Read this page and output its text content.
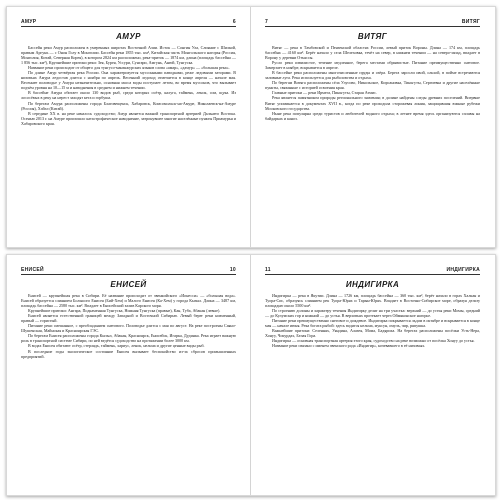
АМУР	6
АМУР

Бассейн реки Амур расположен в умеренных широтах Восточной Азии. Исток — Сонгин Ула, Слияние с Шилкой, правым Аргунь — с Онон Голу в Монголии. Бассейн реки 1855 тыс. км², Китайская часть Монгольского нагорья (Россия, Монголия, Китай, Северная Корея), в котором 2824 км расположено, река-приток — 1874 км, длина (площадь бассейна — 1 856 тыс. км²), Крупнейшие притоки реки: Зея, Бурея, Уссури, Сунгари, Амгунь, Анюй, Тунгуска.

Название реки происходит от общего для тунгусо-маньчжурских языков слова «амар», «дамур» — «большая река».

По длине Амур четвёртая река России. Она характеризуется муссонными паводками, реже ледовыми заторами. В низовьях Амура ледостав длится с ноября по апрель. Весенний ледоход отмечается в конце апреля — начале мая. Весеннее половодье у Амура незначительно, основная масса воды поступает летом, во время муссонов, что вызывает подъём уровня на 10—15 м и наводнения в среднем и нижнем течении.

В бассейне Амура обитает около 130 видов рыб, среди которых осётр, калуга, таймень, ленок, сом, щука. Из лососёвых в реку на нерест заходят кета и горбуша.

По берегам Амура расположены города Благовещенск, Хабаровск, Комсомольск-на-Амуре, Николаевск-на-Амуре (Россия), Хэйхэ (Китай).

В середине XX в. на реке началось судоходство; Амур является важной транспортной артерией Дальнего Востока. Осенью 2013 г. на Амуре произошло катастрофическое наводнение, затронувшее многие населённые пункты Приамурья и Хабаровского края.

7	ВИТЯГ
ВИТЯГ

Витяг — река в Тамбовской и Пензенской областях России, левый приток Вороны. Длина — 174 км, площадь бассейна — 4160 км². Берёт начало у села Шелеховка, течёт на север, в нижнем течении — на северо-запад, впадает в Ворону у деревни Отъяссы.

Русло реки извилистое, течение медленное, берега местами обрывистые. Питание преимущественно снеговое. Замерзает в ноябре, вскрывается в апреле.

В бассейне реки расположены многочисленные пруды и озёра. Берега заросли ивой, ольхой, в пойме встречаются заливные луга. Река используется для рыболовства и отдыха.

По берегам Витяга расположены сёла Улусово, Никольское, Кирсановка, Тиньгуты, Сергиевка и другие населённые пункты, связанные с историей освоения края.

Главные притоки — реки Ирмега, Пиньгуты, Старая Атмис.

Река является памятником природы регионального значения; в долине найдены следы древних поселений. Впервые Витяг упоминается в документах XVII в., когда по реке проходила сторожевая линия, защищавшая южные рубежи Московского государства.

Ныне река популярна среди туристов и любителей водного отдыха; в летнее время здесь организуются сплавы на байдарках и каноэ.

ЕНИСЕЙ	10
ЕНИСЕЙ

Енисей — крупнейшая река в Сибири. Её название происходит от эвенкийского «Ионесси» — «большая вода». Енисей образуется слиянием Большого Енисея (Бий-Хем) и Малого Енисея (Ка-Хем) у города Кызыл. Длина — 3487 км, площадь бассейна — 2580 тыс. км². Впадает в Енисейский залив Карского моря.

Крупнейшие притоки: Ангара, Подкаменная Тунгуска, Нижняя Тунгуска (правые), Кан, Туба, Абакан (левые).

Енисей является естественной границей между Западной и Восточной Сибирью. Левый берег реки низменный, правый — гористый.

Питание реки смешанное, с преобладанием снегового. Половодье длится с мая по август. На реке построены Саяно-Шушенская, Майнская и Красноярская ГЭС.

По берегам Енисея расположены города Кызыл, Абакан, Красноярск, Енисейск, Игарка, Дудинка. Река играет важную роль в транспортной системе Сибири, по ней ведётся судоходство на протяжении более 3000 км.

В водах Енисея обитают осётр, стерлядь, таймень, хариус, ленок, нельма и другие ценные виды рыб.

В последние годы экологическое состояние Енисея вызывает беспокойство из-за сбросов промышленных предприятий.

11	ИНДИГИРКА
ИНДИГИРКА

Индигирка — река в Якутии. Длина — 1726 км, площадь бассейна — 360 тыс. км², берёт начало в горах Халкан и Туора-Сис, образуясь слиянием рек Туора-Юрях и Тарын-Юрях. Впадает в Восточно-Сибирское море, образуя дельту площадью около 5500 км².

По строению долины и характеру течения Индигирку делят на три участка: верхний — до устья реки Момы, средний — до Кулумских гор и нижний — до устья. В верховьях протекает через Оймяконское нагорье.

Питание реки преимущественно снеговое и дождевое. Индигирка покрывается льдом в октябре и вскрывается в конце мая — начале июня. Река богата рыбой: здесь водятся нельма, муксун, омуль, чир, ряпушка.

Важнейшие притоки: Селеннях, Уяндина, Алазея, Момa, Бадяриха. На берегах расположены посёлки Усть-Нера, Хонуу, Чокурдах, Белая Гора.

Индигирка — основная транспортная артерия этого края, судоходство на реке возможно от посёлка Хонуу до устья.

Название реки связано с именем эвенского рода «Индигир», кочевавшего в её низовьях.
